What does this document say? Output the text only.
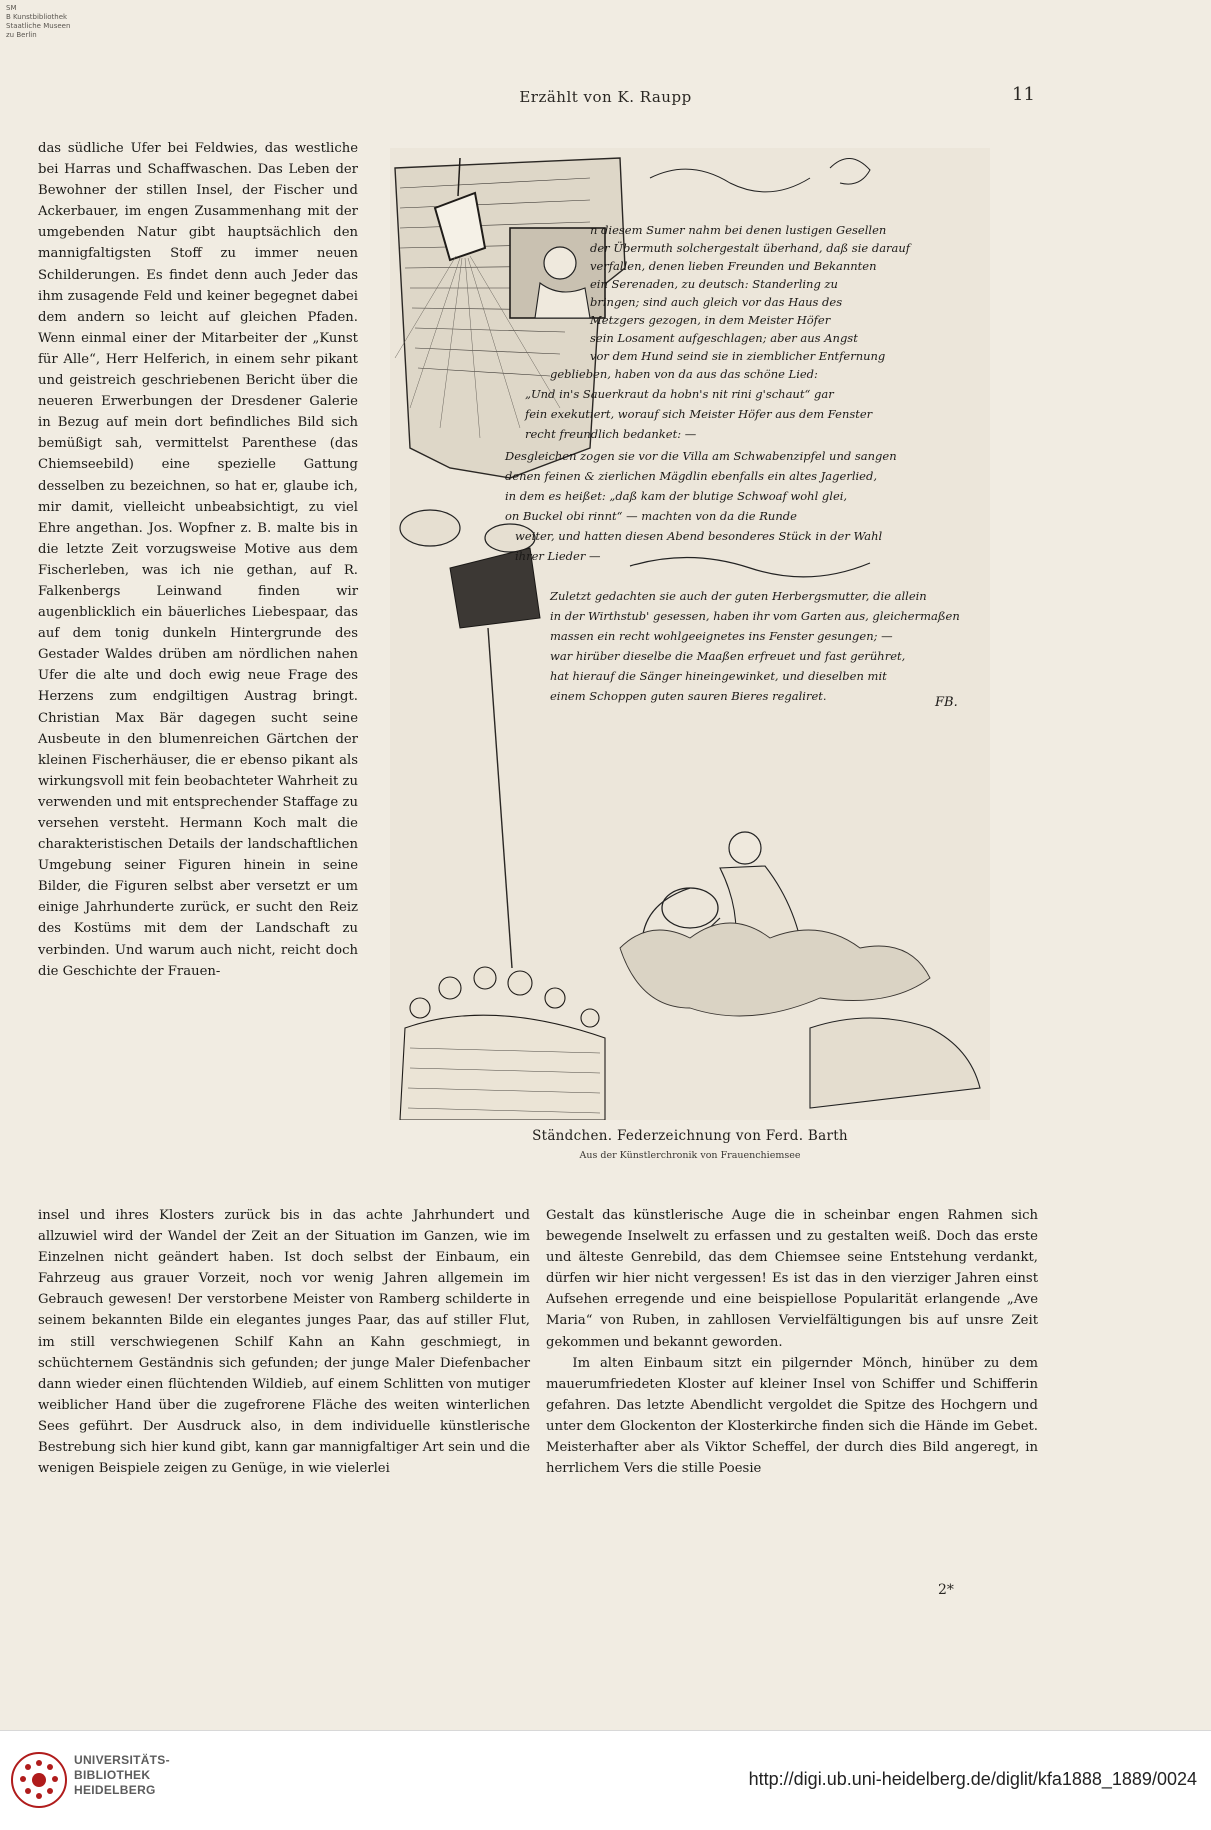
SM
B Kunstbibliothek
Staatliche Museen
zu Berlin
Erzählt von K. Raupp	11

das südliche Ufer bei Feldwies, das westliche bei Harras und Schaffwaschen. Das Leben der Bewohner der stillen Insel, der Fischer und Ackerbauer, im engen Zusammenhang mit der umgebenden Natur gibt hauptsächlich den mannigfaltigsten Stoff zu immer neuen Schilderungen. Es findet denn auch Jeder das ihm zusagende Feld und keiner begegnet dabei dem andern so leicht auf gleichen Pfaden. Wenn einmal einer der Mitarbeiter der „Kunst für Alle“, Herr Helferich, in einem sehr pikant und geistreich geschriebenen Bericht über die neueren Erwerbungen der Dresdener Galerie in Bezug auf mein dort befindliches Bild sich bemüßigt sah, vermittelst Parenthese (das Chiemseebild) eine spezielle Gattung desselben zu bezeichnen, so hat er, glaube ich, mir damit, vielleicht unbeabsichtigt, zu viel Ehre angethan. Jos. Wopfner z. B. malte bis in die letzte Zeit vorzugsweise Motive aus dem Fischerleben, was ich nie gethan, auf R. Falkenbergs Leinwand finden wir augenblicklich ein bäuerliches Liebespaar, das auf dem tonig dunkeln Hintergrunde des Gestader Waldes drüben am nördlichen nahen Ufer die alte und doch ewig neue Frage des Herzens zum endgiltigen Austrag bringt. Christian Max Bär dagegen sucht seine Ausbeute in den blumenreichen Gärtchen der kleinen Fischerhäuser, die er ebenso pikant als wirkungsvoll mit fein beobachteter Wahrheit zu verwenden und mit entsprechender Staffage zu versehen versteht. Hermann Koch malt die charakteristischen Details der landschaftlichen Umgebung seiner Figuren hinein in seine Bilder, die Figuren selbst aber versetzt er um einige Jahrhunderte zurück, er sucht den Reiz des Kostüms mit dem der Landschaft zu verbinden. Und warum auch nicht, reicht doch die Geschichte der Frauen-

n diesem Sumer nahm bei denen lustigen Gesellen
der Übermuth solchergestalt überhand, daß sie darauf
verfallen, denen lieben Freunden und Bekannten
ein Serenaden, zu deutsch: Standerling zu
bringen; sind auch gleich vor das Haus des
Metzgers gezogen, in dem Meister Höfer
sein Losament aufgeschlagen; aber aus Angst
vor dem Hund seind sie in ziemblicher Entfernung
geblieben, haben von da aus das schöne Lied:
„Und in's Sauerkraut da hobn's nit rini g'schaut“ gar
fein exekutiert, worauf sich Meister Höfer aus dem Fenster
recht freundlich bedanket: —
Desgleichen zogen sie vor die Villa am Schwabenzipfel und sangen
denen feinen & zierlichen Mägdlin ebenfalls ein altes Jagerlied,
in dem es heißet: „daß kam der blutige Schwoaf wohl glei,
on Buckel obi rinnt“ — machten von da die Runde
weiter, und hatten diesen Abend besonderes Stück in der Wahl
ihrer Lieder —
Zuletzt gedachten sie auch der guten Herbergsmutter, die allein
in der Wirthstub' gesessen, haben ihr vom Garten aus, gleichermaßen
massen ein recht wohlgeeignetes ins Fenster gesungen; —
war hirüber dieselbe die Maaßen erfreuet und fast gerühret,
hat hierauf die Sänger hineingewinket, und dieselben mit
einem Schoppen guten sauren Bieres regaliret.	FB.
Ständchen. Federzeichnung von Ferd. Barth
Aus der Künstlerchronik von Frauenchiemsee

insel und ihres Klosters zurück bis in das achte Jahrhundert und allzuwiel wird der Wandel der Zeit an der Situation im Ganzen, wie im Einzelnen nicht geändert haben. Ist doch selbst der Einbaum, ein Fahrzeug aus grauer Vorzeit, noch vor wenig Jahren allgemein im Gebrauch gewesen! Der verstorbene Meister von Ramberg schilderte in seinem bekannten Bilde ein elegantes junges Paar, das auf stiller Flut, im still verschwiegenen Schilf Kahn an Kahn geschmiegt, in schüchternem Geständnis sich gefunden; der junge Maler Diefenbacher dann wieder einen flüchtenden Wildieb, auf einem Schlitten von mutiger weiblicher Hand über die zugefrorene Fläche des weiten winterlichen Sees geführt. Der Ausdruck also, in dem individuelle künstlerische Bestrebung sich hier kund gibt, kann gar mannigfaltiger Art sein und die wenigen Beispiele zeigen zu Genüge, in wie vielerlei

Gestalt das künstlerische Auge die in scheinbar engen Rahmen sich bewegende Inselwelt zu erfassen und zu gestalten weiß. Doch das erste und älteste Genrebild, das dem Chiemsee seine Entstehung verdankt, dürfen wir hier nicht vergessen! Es ist das in den vierziger Jahren einst Aufsehen erregende und eine beispiellose Popularität erlangende „Ave Maria“ von Ruben, in zahllosen Vervielfältigungen bis auf unsre Zeit gekommen und bekannt geworden.

Im alten Einbaum sitzt ein pilgernder Mönch, hinüber zu dem mauerumfriedeten Kloster auf kleiner Insel von Schiffer und Schifferin gefahren. Das letzte Abendlicht vergoldet die Spitze des Hochgern und unter dem Glockenton der Klosterkirche finden sich die Hände im Gebet. Meisterhafter aber als Viktor Scheffel, der durch dies Bild angeregt, in herrlichem Vers die stille Poesie

2*
UNIVERSITÄTS-
BIBLIOTHEK
HEIDELBERG
http://digi.ub.uni-heidelberg.de/diglit/kfa1888_1889/0024
